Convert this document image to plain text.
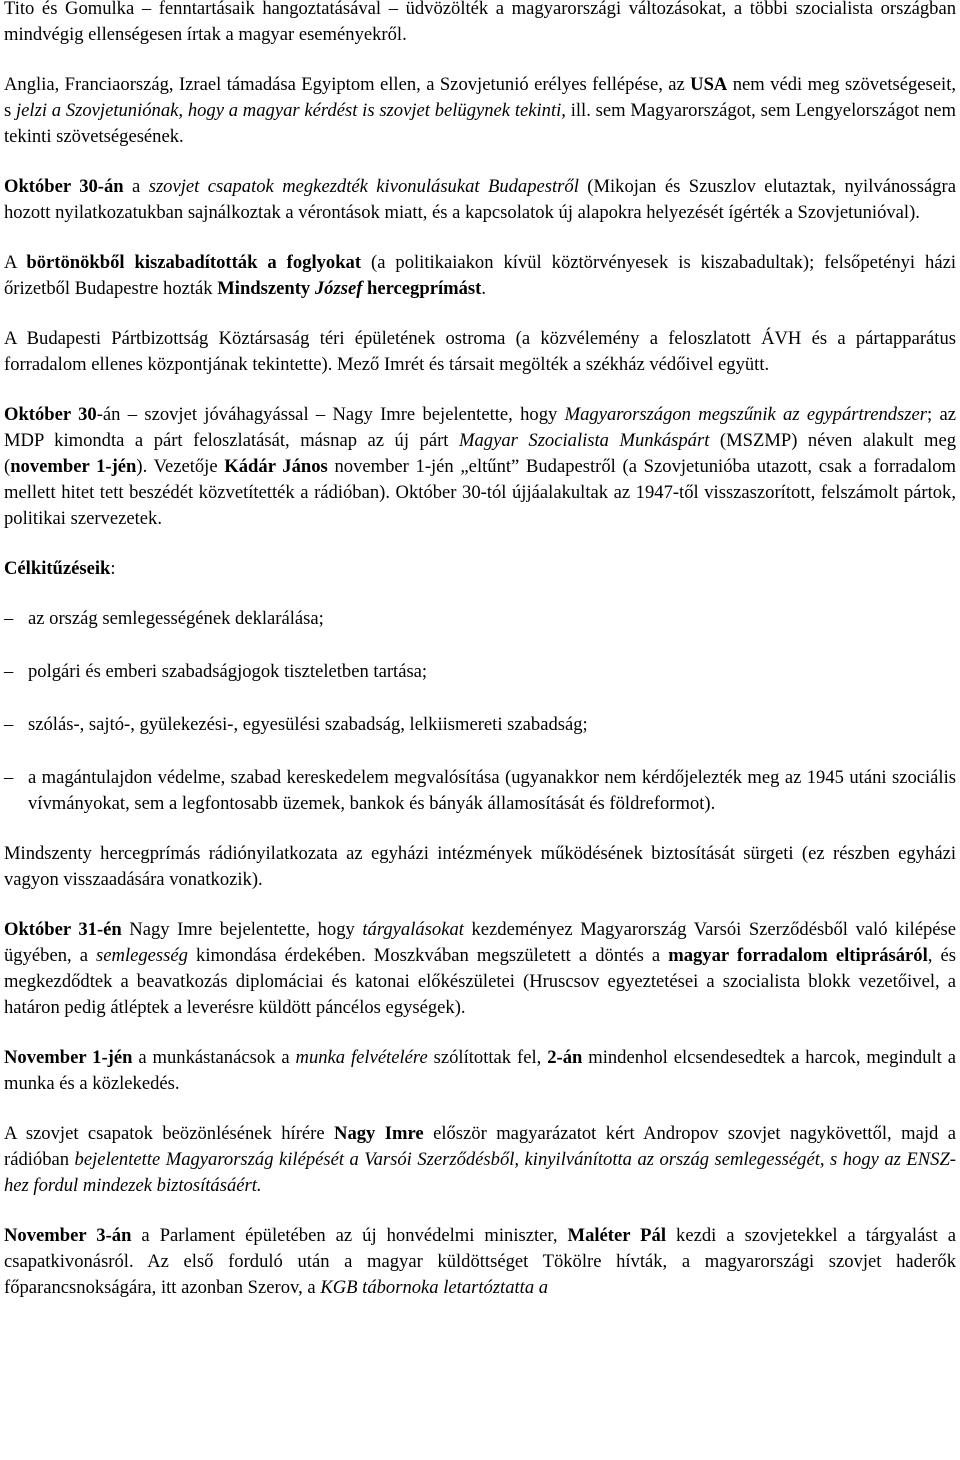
Tito és Gomulka – fenntartásaik hangoztatásával – üdvözölték a magyarországi változásokat, a többi szocialista országban mindvégig ellenségesen írtak a magyar eseményekről.

Anglia, Franciaország, Izrael támadása Egyiptom ellen, a Szovjetunió erélyes fellépése, az USA nem védi meg szövetségeseit, s jelzi a Szovjetuniónak, hogy a magyar kérdést is szovjet belügynek tekinti, ill. sem Magyarországot, sem Lengyelországot nem tekinti szövetségesének.

Október 30-án a szovjet csapatok megkezdték kivonulásukat Budapestről (Mikojan és Szuszlov elutaztak, nyilvánosságra hozott nyilatkozatukban sajnálkoztak a vérontások miatt, és a kapcsolatok új alapokra helyezését ígérték a Szovjetunióval).

A börtönökből kiszabadították a foglyokat (a politikaiakon kívül köztörvényesek is kiszabadultak); felsőpetényi házi őrizetből Budapestre hozták Mindszenty József hercegprímást.

A Budapesti Pártbizottság Köztársaság téri épületének ostroma (a közvélemény a feloszlatott ÁVH és a pártapparátus forradalom ellenes központjának tekintette). Mező Imrét és társait megölték a székház védőivel együtt.

Október 30-án – szovjet jóváhagyással – Nagy Imre bejelentette, hogy Magyarországon megszűnik az egypártrendszer; az MDP kimondta a párt feloszlatását, másnap az új párt Magyar Szocialista Munkáspárt (MSZMP) néven alakult meg (november 1-jén). Vezetője Kádár János november 1-jén „eltűnt” Budapestről (a Szovjetunióba utazott, csak a forradalom mellett hitet tett beszédét közvetítették a rádióban). Október 30-tól újjáalakultak az 1947-től visszaszorított, felszámolt pártok, politikai szervezetek.

Célkitűzéseik:

– az ország semlegességének deklarálása;
– polgári és emberi szabadságjogok tiszteletben tartása;
– szólás-, sajtó-, gyülekezési-, egyesülési szabadság, lelkiismereti szabadság;
– a magántulajdon védelme, szabad kereskedelem megvalósítása (ugyanakkor nem kérdőjelezték meg az 1945 utáni szociális vívmányokat, sem a legfontosabb üzemek, bankok és bányák államosítását és földreformot).

Mindszenty hercegprímás rádiónyilatkozata az egyházi intézmények működésének biztosítását sürgeti (ez részben egyházi vagyon visszaadására vonatkozik).

Október 31-én Nagy Imre bejelentette, hogy tárgyalásokat kezdeményez Magyarország Varsói Szerződésből való kilépése ügyében, a semlegesség kimondása érdekében. Moszkvában megszületett a döntés a magyar forradalom eltiprásáról, és megkezdődtek a beavatkozás diplomáciai és katonai előkészületei (Hruscsov egyeztetései a szocialista blokk vezetőivel, a határon pedig átléptek a leverésre küldött páncélos egységek).

November 1-jén a munkástanácsok a munka felvételére szólítottak fel, 2-án mindenhol elcsendesedtek a harcok, megindult a munka és a közlekedés.

A szovjet csapatok beözönlésének hírére Nagy Imre először magyarázatot kért Andropov szovjet nagykövettől, majd a rádióban bejelentette Magyarország kilépését a Varsói Szerződésből, kinyilvánította az ország semlegességét, s hogy az ENSZ-hez fordul mindezek biztosításáért.

November 3-án a Parlament épületében az új honvédelmi miniszter, Maléter Pál kezdi a szovjetekkel a tárgyalást a csapatkivonásról. Az első forduló után a magyar küldöttséget Tökölre hívták, a magyarországi szovjet haderők főparancsnokságára, itt azonban Szerov, a KGB tábornoka letartóztatta a
